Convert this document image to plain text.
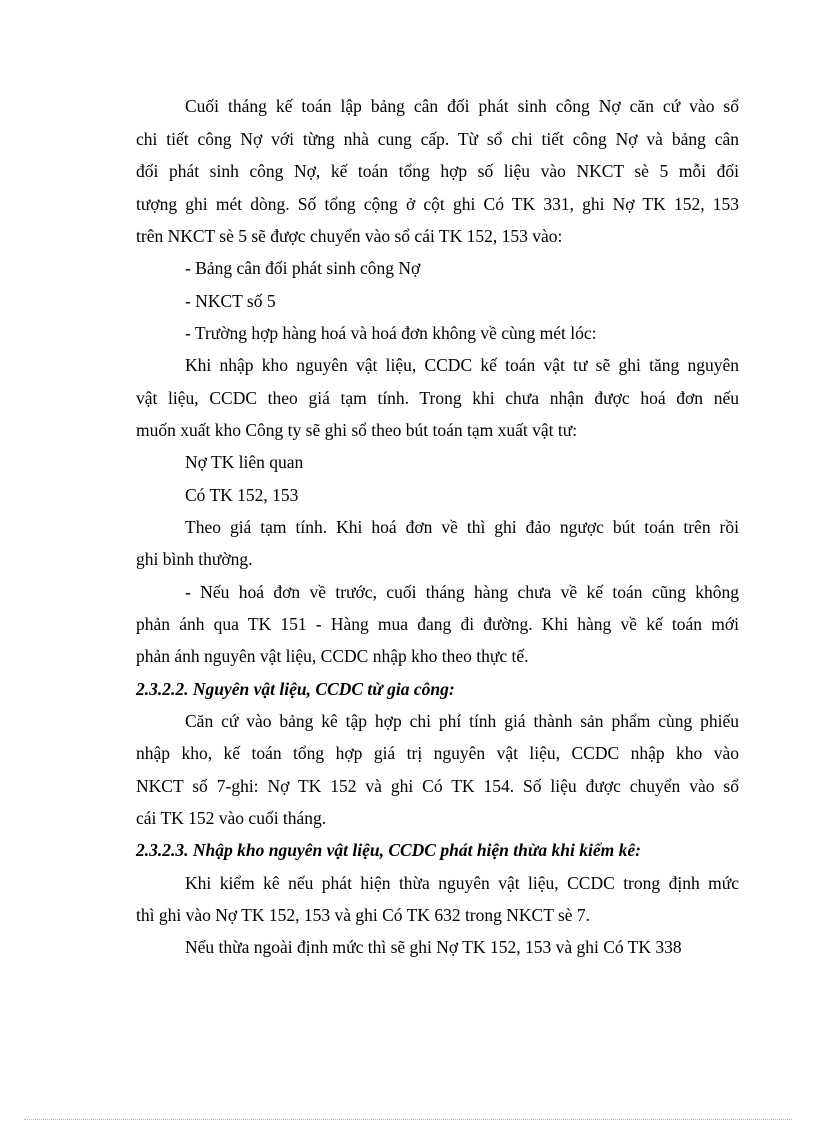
Cuối tháng kế toán lập bảng cân đối phát sinh công Nợ căn cứ vào sổ

chi tiết công Nợ với từng nhà cung cấp. Từ sổ chi tiết công Nợ và bảng cân

đối phát sinh công Nợ, kế toán tổng hợp số liệu vào NKCT sè 5 mỗi đối

tượng ghi mét dòng. Số tổng cộng ở cột ghi Có TK 331, ghi Nợ TK 152, 153

trên NKCT sè 5 sẽ được chuyển vào sổ cái TK 152, 153 vào:

- Bảng cân đối phát sinh công Nợ

- NKCT số 5

- Trường hợp hàng hoá và hoá đơn không về cùng mét lóc:

Khi nhập kho nguyên vật liệu, CCDC kế toán vật tư sẽ ghi tăng nguyên

vật liệu, CCDC theo giá tạm tính. Trong khi chưa nhận được hoá đơn nếu

muốn xuất kho Công ty sẽ ghi sổ theo bút toán tạm xuất vật tư:

Nợ TK liên quan

Có TK 152, 153

Theo giá tạm tính. Khi hoá đơn về thì ghi đảo ngược bút toán trên rồi

ghi bình thường.

- Nếu hoá đơn về trước, cuối tháng hàng chưa về kế toán cũng không

phản ánh qua TK 151 - Hàng mua đang đi đường. Khi hàng về kế toán mới

phản ánh nguyên vật liệu, CCDC nhập kho theo thực tế.

2.3.2.2. Nguyên vật liệu, CCDC từ gia công:

Căn cứ vào bảng kê tập hợp chi phí tính giá thành sản phẩm cùng phiếu

nhập kho, kế toán tổng hợp giá trị nguyên vật liệu, CCDC nhập kho vào

NKCT số 7-ghi: Nợ TK 152 và ghi Có TK 154. Số liệu được chuyển vào sổ

cái TK 152 vào cuối tháng.

2.3.2.3. Nhập kho nguyên vật liệu, CCDC phát hiện thừa khi kiểm kê:

Khi kiểm kê nếu phát hiện thừa nguyên vật liệu, CCDC trong định mức

thì ghi vào Nợ TK 152, 153 và ghi Có TK 632 trong NKCT sè 7.

Nếu thừa ngoài định mức thì sẽ ghi Nợ TK 152, 153 và ghi Có TK 338
